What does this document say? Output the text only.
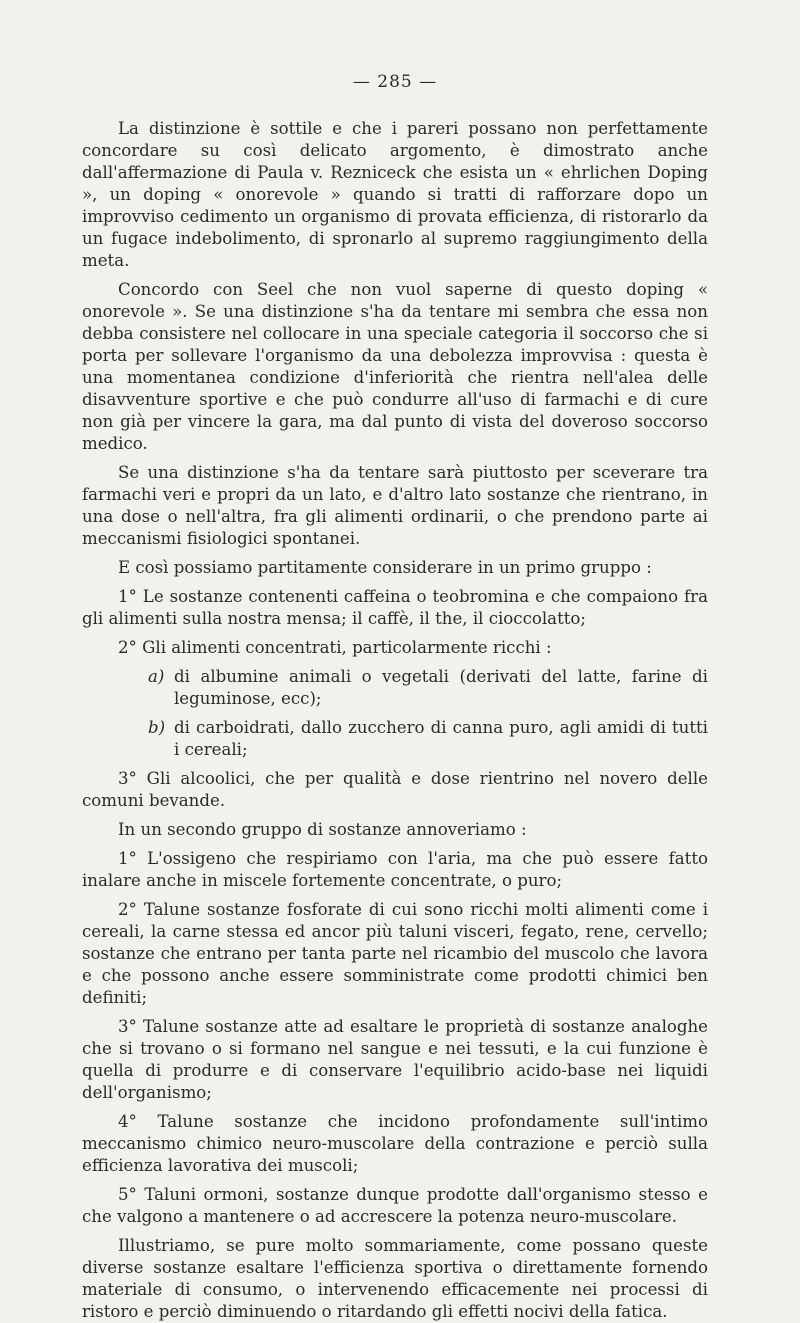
— 285 —

La distinzione è sottile e che i pareri possano non perfettamente concordare su così delicato argomento, è dimostrato anche dall'affermazione di Paula v. Rezniceck che esista un « ehrlichen Doping », un doping « onorevole » quando si tratti di rafforzare dopo un improvviso cedimento un organismo di provata efficienza, di ristorarlo da un fugace indebolimento, di spronarlo al supremo raggiungimento della meta.

Concordo con Seel che non vuol saperne di questo doping « onorevole ». Se una distinzione s'ha da tentare mi sembra che essa non debba consistere nel collocare in una speciale categoria il soccorso che si porta per sollevare l'organismo da una debolezza improvvisa : questa è una momentanea condizione d'inferiorità che rientra nell'alea delle disavventure sportive e che può condurre all'uso di farmachi e di cure non già per vincere la gara, ma dal punto di vista del doveroso soccorso medico.

Se una distinzione s'ha da tentare sarà piuttosto per sceverare tra farmachi veri e propri da un lato, e d'altro lato sostanze che rientrano, in una dose o nell'altra, fra gli alimenti ordinarii, o che prendono parte ai meccanismi fisiologici spontanei.

E così possiamo partitamente considerare in un primo gruppo :

1° Le sostanze contenenti caffeina o teobromina e che compaiono fra gli alimenti sulla nostra mensa; il caffè, il the, il cioccolatto;

2° Gli alimenti concentrati, particolarmente ricchi :

a) di albumine animali o vegetali (derivati del latte, farine di leguminose, ecc);

b) di carboidrati, dallo zucchero di canna puro, agli amidi di tutti i cereali;

3° Gli alcoolici, che per qualità e dose rientrino nel novero delle comuni bevande.

In un secondo gruppo di sostanze annoveriamo :

1° L'ossigeno che respiriamo con l'aria, ma che può essere fatto inalare anche in miscele fortemente concentrate, o puro;

2° Talune sostanze fosforate di cui sono ricchi molti alimenti come i cereali, la carne stessa ed ancor più taluni visceri, fegato, rene, cervello; sostanze che entrano per tanta parte nel ricambio del muscolo che lavora e che possono anche essere somministrate come prodotti chimici ben definiti;

3° Talune sostanze atte ad esaltare le proprietà di sostanze analoghe che si trovano o si formano nel sangue e nei tessuti, e la cui funzione è quella di produrre e di conservare l'equilibrio acido-base nei liquidi dell'organismo;

4° Talune sostanze che incidono profondamente sull'intimo meccanismo chimico neuro-muscolare della contrazione e perciò sulla efficienza lavorativa dei muscoli;

5° Taluni ormoni, sostanze dunque prodotte dall'organismo stesso e che valgono a mantenere o ad accrescere la potenza neuro-muscolare.

Illustriamo, se pure molto sommariamente, come possano queste diverse sostanze esaltare l'efficienza sportiva o direttamente fornendo materiale di consumo, o intervenendo efficacemente nei processi di ristoro e perciò diminuendo o ritardando gli effetti nocivi della fatica.
